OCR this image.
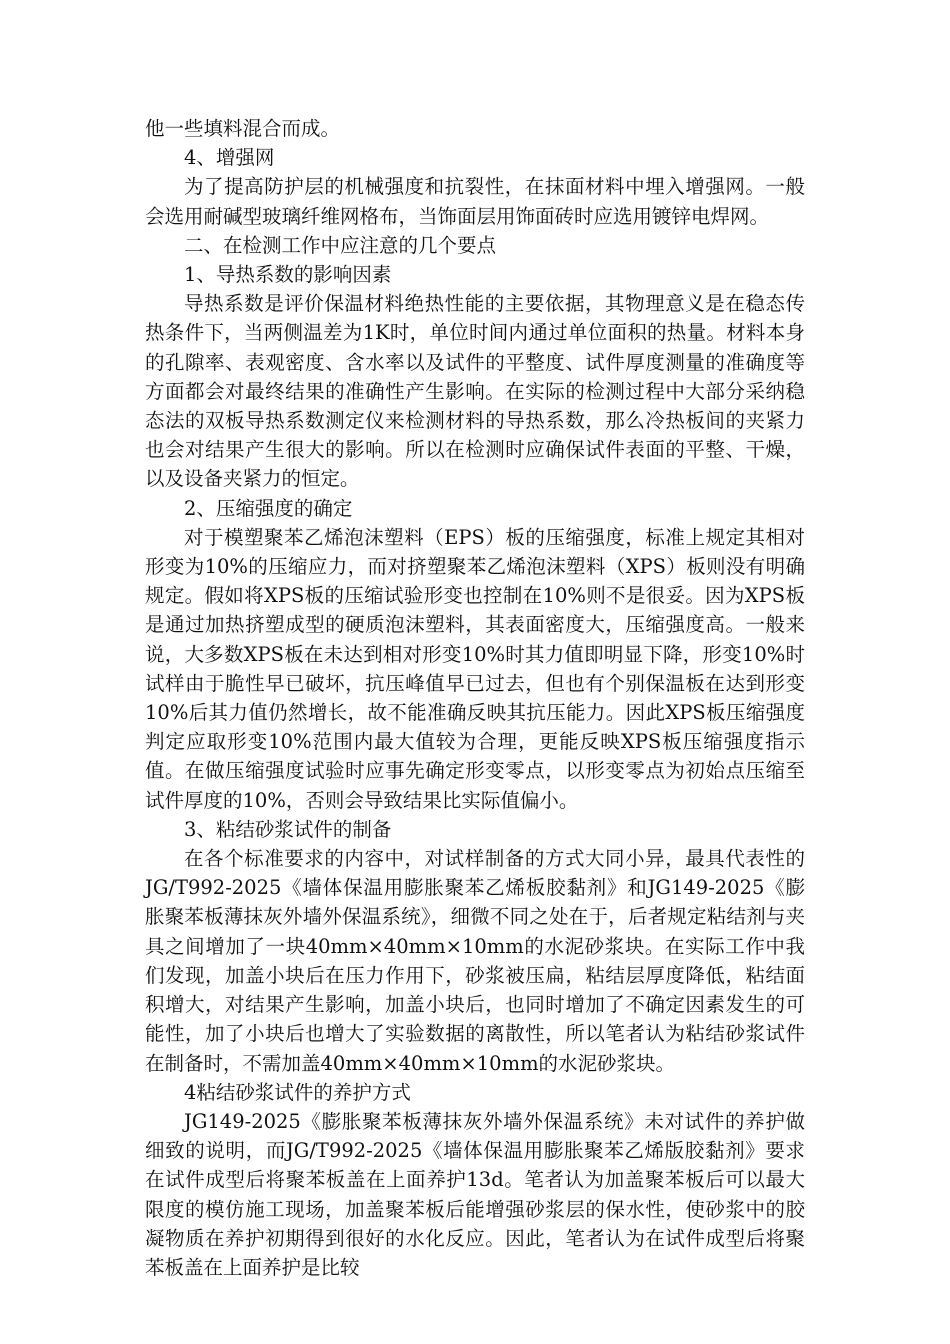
他一些填料混合而成。

4、增强网

为了提高防护层的机械强度和抗裂性，在抹面材料中埋入增强网。一般会选用耐碱型玻璃纤维网格布，当饰面层用饰面砖时应选用镀锌电焊网。

二、在检测工作中应注意的几个要点

1、导热系数的影响因素

导热系数是评价保温材料绝热性能的主要依据，其物理意义是在稳态传热条件下，当两侧温差为1K时，单位时间内通过单位面积的热量。材料本身的孔隙率、表观密度、含水率以及试件的平整度、试件厚度测量的准确度等方面都会对最终结果的准确性产生影响。在实际的检测过程中大部分采纳稳态法的双板导热系数测定仪来检测材料的导热系数，那么冷热板间的夹紧力也会对结果产生很大的影响。所以在检测时应确保试件表面的平整、干燥，以及设备夹紧力的恒定。

2、压缩强度的确定

对于模塑聚苯乙烯泡沫塑料（EPS）板的压缩强度，标准上规定其相对形变为10%的压缩应力，而对挤塑聚苯乙烯泡沫塑料（XPS）板则没有明确规定。假如将XPS板的压缩试验形变也控制在10%则不是很妥。因为XPS板是通过加热挤塑成型的硬质泡沫塑料，其表面密度大，压缩强度高。一般来说，大多数XPS板在未达到相对形变10%时其力值即明显下降，形变10%时试样由于脆性早已破坏，抗压峰值早已过去，但也有个别保温板在达到形变10%后其力值仍然增长，故不能准确反映其抗压能力。因此XPS板压缩强度判定应取形变10%范围内最大值较为合理，更能反映XPS板压缩强度指示值。在做压缩强度试验时应事先确定形变零点，以形变零点为初始点压缩至试件厚度的10%，否则会导致结果比实际值偏小。

3、粘结砂浆试件的制备

在各个标准要求的内容中，对试样制备的方式大同小异，最具代表性的JG/T992-2025《墙体保温用膨胀聚苯乙烯板胶黏剂》和JG149-2025《膨胀聚苯板薄抹灰外墙外保温系统》，细微不同之处在于，后者规定粘结剂与夹具之间增加了一块40mm×40mm×10mm的水泥砂浆块。在实际工作中我们发现，加盖小块后在压力作用下，砂浆被压扁，粘结层厚度降低，粘结面积增大，对结果产生影响，加盖小块后，也同时增加了不确定因素发生的可能性，加了小块后也增大了实验数据的离散性，所以笔者认为粘结砂浆试件在制备时，不需加盖40mm×40mm×10mm的水泥砂浆块。

4粘结砂浆试件的养护方式

JG149-2025《膨胀聚苯板薄抹灰外墙外保温系统》未对试件的养护做细致的说明，而JG/T992-2025《墙体保温用膨胀聚苯乙烯版胶黏剂》要求在试件成型后将聚苯板盖在上面养护13d。笔者认为加盖聚苯板后可以最大限度的模仿施工现场，加盖聚苯板后能增强砂浆层的保水性，使砂浆中的胶凝物质在养护初期得到很好的水化反应。因此，笔者认为在试件成型后将聚苯板盖在上面养护是比较
